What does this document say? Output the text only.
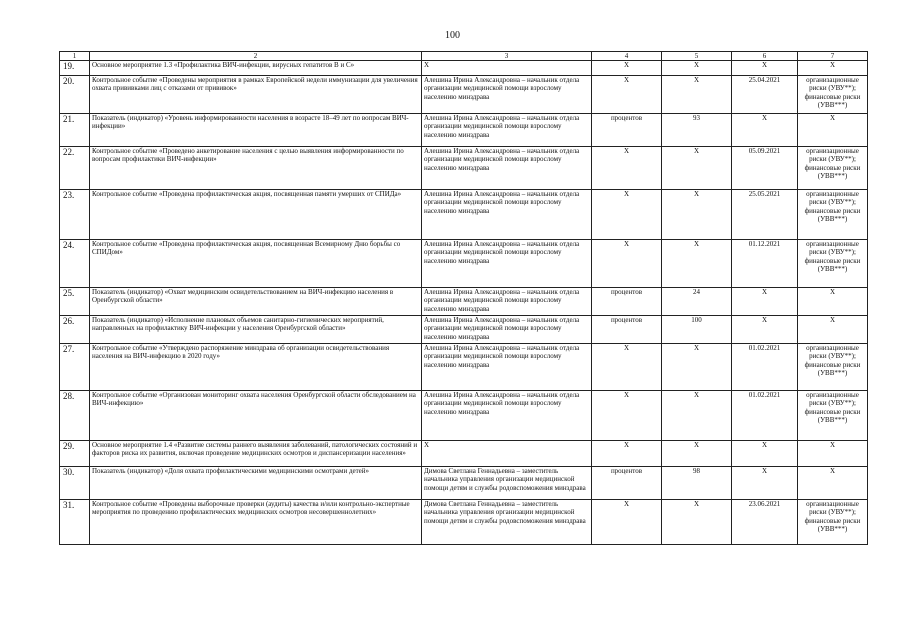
100
1	2	3	4	5	6	7
19.	Основное мероприятие 1.3 «Профилактика ВИЧ-инфекции, вирусных гепатитов В и С»	Х	Х	Х	Х	Х
20.	Контрольное событие «Проведены мероприятия в рамках Европейской недели иммунизации для увеличения охвата прививками лиц с отказами от прививок»	Алешина Ирина Александровна – начальник отдела организации медицинской помощи взрослому населению минздрава	Х	Х	25.04.2021	организационные риски (УВУ**); финансовые риски (УВВ***)
21.	Показатель (индикатор) «Уровень информированности населения в возрасте 18–49 лет по вопросам ВИЧ-инфекции»	Алешина Ирина Александровна – начальник отдела организации медицинской помощи взрослому населению минздрава	процентов	93	Х	Х
22.	Контрольное событие «Проведено анкетирование населения с целью выявления информированности по вопросам профилактики ВИЧ-инфекции»	Алешина Ирина Александровна – начальник отдела организации медицинской помощи взрослому населению минздрава	Х	Х	05.09.2021	организационные риски (УВУ**); финансовые риски (УВВ***)
23.	Контрольное событие «Проведена профилактическая акция, посвященная памяти умерших от СПИДа»	Алешина Ирина Александровна – начальник отдела организации медицинской помощи взрослому населению минздрава	Х	Х	25.05.2021	организационные риски (УВУ**); финансовые риски (УВВ***)
24.	Контрольное событие «Проведена профилактическая акция, посвященная Всемирному Дню борьбы со СПИДом»	Алешина Ирина Александровна – начальник отдела организации медицинской помощи взрослому населению минздрава	Х	Х	01.12.2021	организационные риски (УВУ**); финансовые риски (УВВ***)
25.	Показатель (индикатор) «Охват медицинским освидетельствованием на ВИЧ-инфекцию населения в Оренбургской области»	Алешина Ирина Александровна – начальник отдела организации медицинской помощи взрослому населению минздрава	процентов	24	Х	Х
26.	Показатель (индикатор) «Исполнение плановых объемов санитарно-гигиенических мероприятий, направленных на профилактику ВИЧ-инфекции у населения Оренбургской области»	Алешина Ирина Александровна – начальник отдела организации медицинской помощи взрослому населению минздрава	процентов	100	Х	Х
27.	Контрольное событие «Утверждено распоряжение минздрава об организации освидетельствования населения на ВИЧ-инфекцию в 2020 году»	Алешина Ирина Александровна – начальник отдела организации медицинской помощи взрослому населению минздрава	Х	Х	01.02.2021	организационные риски (УВУ**); финансовые риски (УВВ***)
28.	Контрольное событие «Организован мониторинг охвата населения Оренбургской области обследованием на ВИЧ-инфекцию»	Алешина Ирина Александровна – начальник отдела организации медицинской помощи взрослому населению минздрава	Х	Х	01.02.2021	организационные риски (УВУ**); финансовые риски (УВВ***)
29.	Основное мероприятие 1.4 «Развитие системы раннего выявления заболеваний, патологических состояний и факторов риска их развития, включая проведение медицинских осмотров и диспансеризации населения»	Х	Х	Х	Х	Х
30.	Показатель (индикатор) «Доля охвата профилактическими медицинскими осмотрами детей»	Димова Светлана Геннадьевна – заместитель начальника управления организации медицинской помощи детям и службы родовспоможения минздрава	процентов	98	Х	Х
31.	Контрольное событие «Проведены выборочные проверки (аудиты) качества и/или контрольно-экспертные мероприятия по проведению профилактических медицинских осмотров несовершеннолетних»	Димова Светлана Геннадьевна – заместитель начальника управления организации медицинской помощи детям и службы родовспоможения минздрава	Х	Х	23.06.2021	организационные риски (УВУ**); финансовые риски (УВВ***)
